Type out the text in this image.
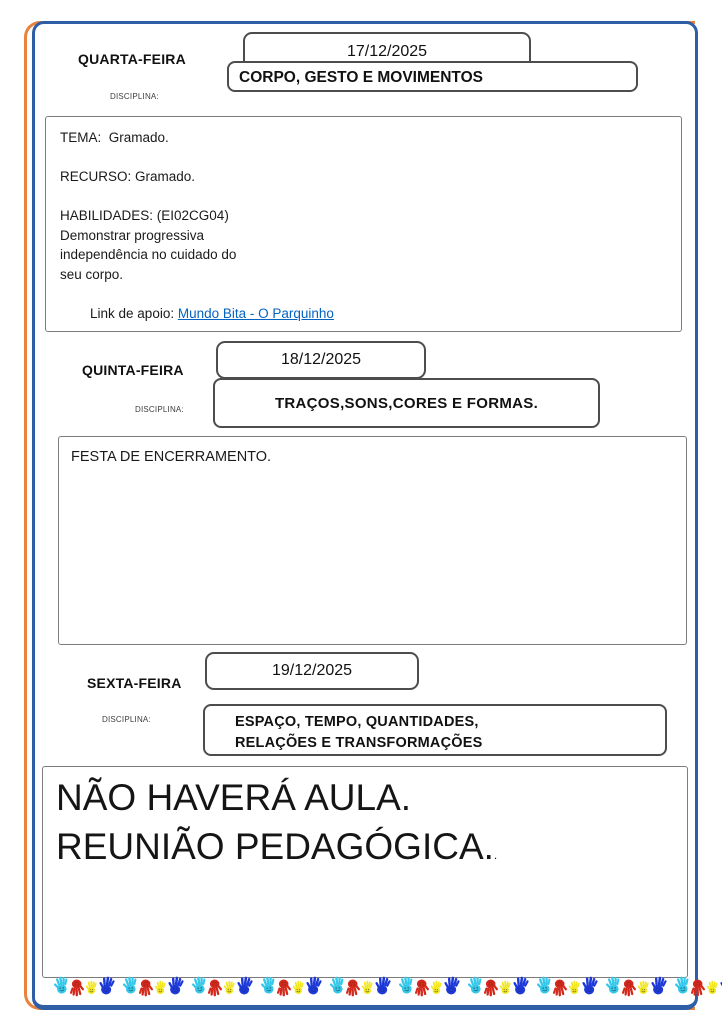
QUARTA-FEIRA	17/12/2025
CORPO, GESTO E MOVIMENTOS
DISCIPLINA:
TEMA:  Gramado.
RECURSO: Gramado.
HABILIDADES: (EI02CG04)
Demonstrar progressiva
independência no cuidado do
seu corpo.

Link de apoio: Mundo Bita - O Parquinho

18/12/2025
QUINTA-FEIRA
TRAÇOS,SONS,CORES E FORMAS.
DISCIPLINA:
FESTA DE ENCERRAMENTO.
19/12/2025
SEXTA-FEIRA
ESPAÇO, TEMPO, QUANTIDADES,
RELAÇÕES E TRANSFORMAÇÕES
DISCIPLINA:
NÃO HAVERÁ AULA.
REUNIÃO PEDAGÓGICA..
